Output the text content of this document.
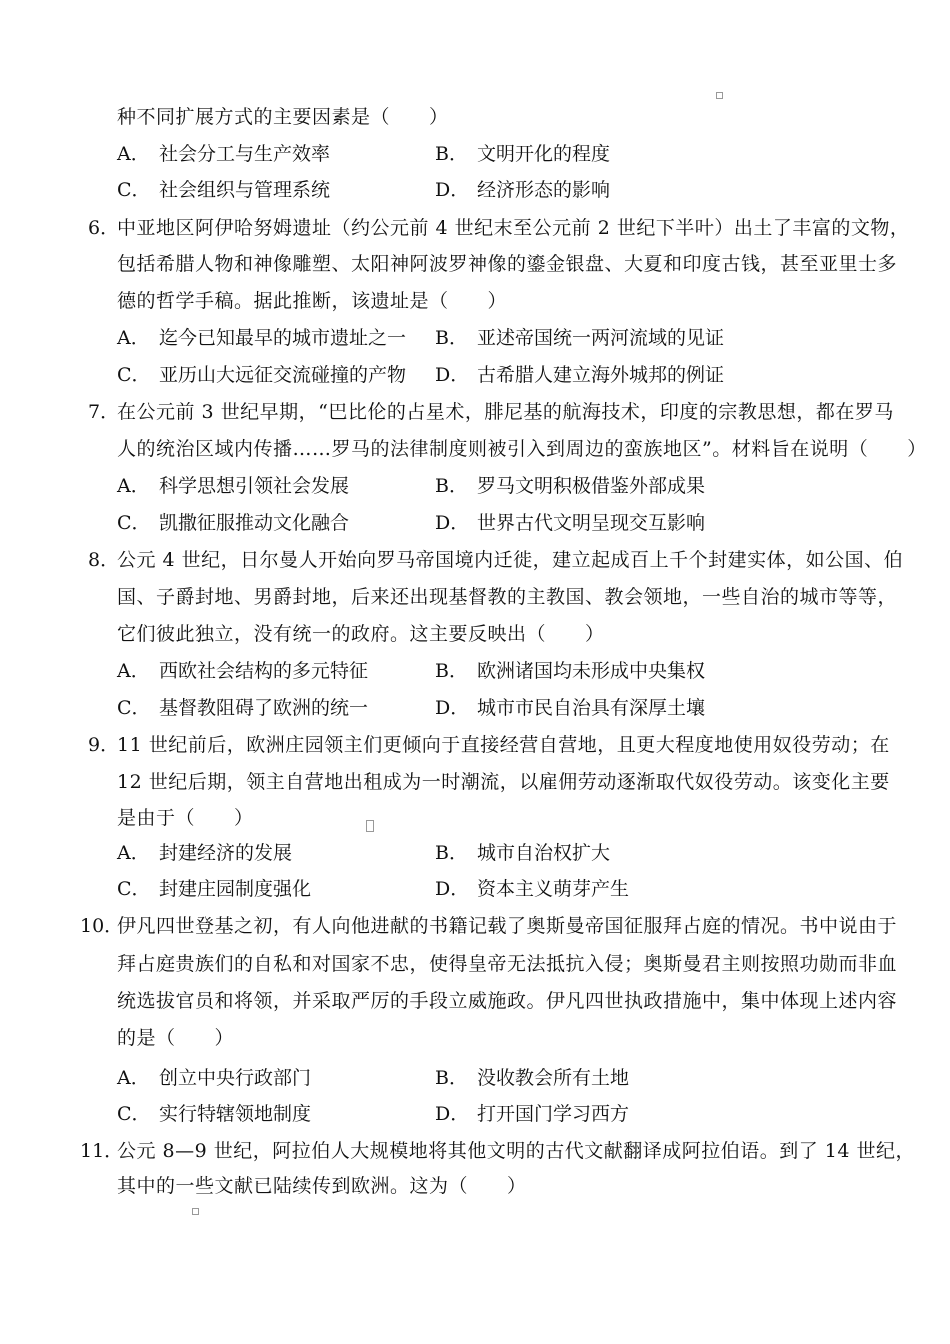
种不同扩展方式的主要因素是（　　）
A． 社会分工与生产效率	B． 文明开化的程度
C． 社会组织与管理系统	D． 经济形态的影响
6．
中亚地区阿伊哈努姆遗址（约公元前 4 世纪末至公元前 2 世纪下半叶）出土了丰富的文物，
包括希腊人物和神像雕塑、太阳神阿波罗神像的鎏金银盘、大夏和印度古钱，甚至亚里士多
德的哲学手稿。据此推断，该遗址是（　　）
A． 迄今已知最早的城市遗址之一 B． 亚述帝国统一两河流域的见证
C． 亚历山大远征交流碰撞的产物 D． 古希腊人建立海外城邦的例证
7．
在公元前 3 世纪早期，“巴比伦的占星术，腓尼基的航海技术，印度的宗教思想，都在罗马
人的统治区域内传播……罗马的法律制度则被引入到周边的蛮族地区”。材料旨在说明（　　）
A． 科学思想引领社会发展	B． 罗马文明积极借鉴外部成果
C． 凯撒征服推动文化融合	D． 世界古代文明呈现交互影响
8．
公元 4 世纪，日尔曼人开始向罗马帝国境内迁徙，建立起成百上千个封建实体，如公国、伯
国、子爵封地、男爵封地，后来还出现基督教的主教国、教会领地，一些自治的城市等等，
它们彼此独立，没有统一的政府。这主要反映出（　　）
A． 西欧社会结构的多元特征	B． 欧洲诸国均未形成中央集权
C． 基督教阻碍了欧洲的统一	D． 城市市民自治具有深厚土壤
9．
11 世纪前后，欧洲庄园领主们更倾向于直接经营自营地，且更大程度地使用奴役劳动；在
12 世纪后期，领主自营地出租成为一时潮流，以雇佣劳动逐渐取代奴役劳动。该变化主要
是由于（　　）
A． 封建经济的发展	B． 城市自治权扩大
C． 封建庄园制度强化	D． 资本主义萌芽产生
10．
伊凡四世登基之初，有人向他进献的书籍记载了奥斯曼帝国征服拜占庭的情况。书中说由于
拜占庭贵族们的自私和对国家不忠，使得皇帝无法抵抗入侵；奥斯曼君主则按照功勋而非血
统选拔官员和将领，并采取严厉的手段立威施政。伊凡四世执政措施中，集中体现上述内容
的是（　　）
A． 创立中央行政部门	B． 没收教会所有土地
C． 实行特辖领地制度	D． 打开国门学习西方
11．
公元 8—9 世纪，阿拉伯人大规模地将其他文明的古代文献翻译成阿拉伯语。到了 14 世纪，
其中的一些文献已陆续传到欧洲。这为（　　）
